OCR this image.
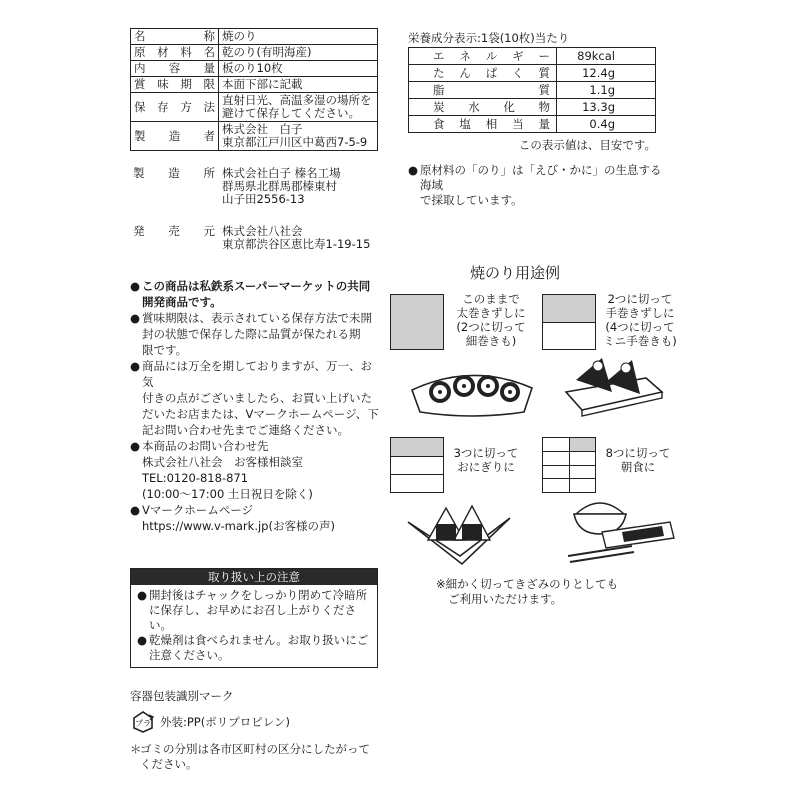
名称	焼のり
原材料名	乾のり(有明海産)
内容量	板のり10枚
賞味期限	本面下部に記載
保存方法	直射日光、高温多湿の場所を
避けて保存してください。

製造者	株式会社　白子
東京都江戸川区中葛西7-5-9
製造所 株式会社白子 榛名工場
群馬県北群馬郡榛東村
山子田2556-13
発売元 株式会社八社会
東京都渋谷区恵比寿1-19-15
● この商品は私鉄系スーパーマーケットの共同
開発商品です。
● 賞味期限は、表示されている保存方法で未開
封の状態で保存した際に品質が保たれる期
限です。
● 商品には万全を期しておりますが、万一、お気
付きの点がございましたら、お買い上げいた
だいたお店または、Vマークホームページ、下
記お問い合わせ先までご連絡ください。
● 本商品のお問い合わせ先
株式会社八社会　お客様相談室
TEL:0120-818-871
(10:00～17:00 土日祝日を除く)
● Vマークホームページ
https://www.v-mark.jp(お客様の声)
取り扱い上の注意
● 開封後はチャックをしっかり閉めて冷暗所
に保存し、お早めにお召し上がりください。
● 乾燥剤は食べられません。お取り扱いにご
注意ください。
容器包装識別マーク
プラ 外装:PP(ポリプロピレン)
＊
ゴミの分別は各市区町村の区分にしたがって
ください。
栄養成分表示:1袋(10枚)当たり
エネルギー	89kcal
たんぱく質	12.4g
脂質	1.1g
炭水化物	13.3g
食塩相当量	0.4g
この表示値は、目安です。
● 原材料の「のり」は「えび・かに」の生息する海域
で採取しています。
焼のり用途例
このままで
太巻きずしに
(2つに切って
細巻きも)
2つに切って
手巻きずしに
(4つに切って
ミニ手巻きも)
3つに切って
おにぎりに
8つに切って
朝食に
※細かく切ってきざみのりとしても
ご利用いただけます。
